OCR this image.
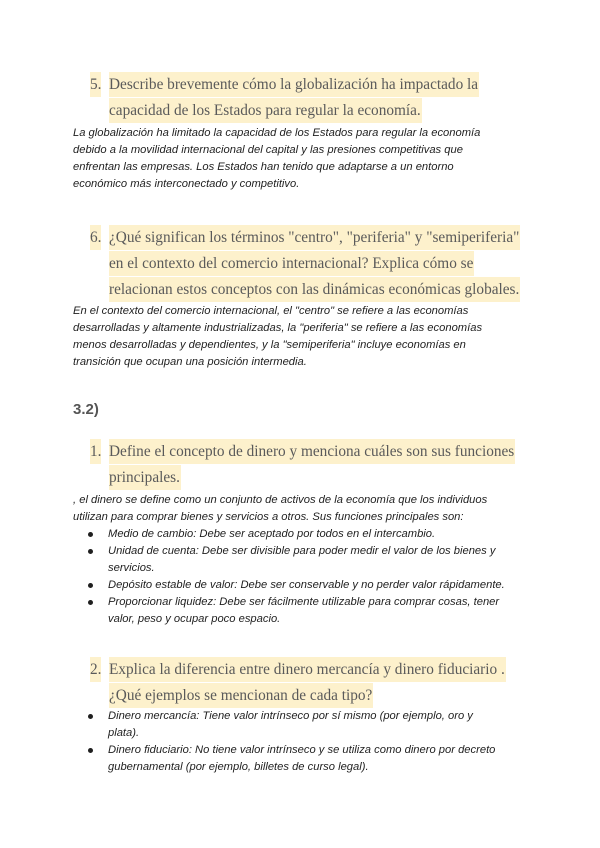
5. Describe brevemente cómo la globalización ha impactado la
capacidad de los Estados para regular la economía.
La globalización ha limitado la capacidad de los Estados para regular la economía
debido a la movilidad internacional del capital y las presiones competitivas que
enfrentan las empresas. Los Estados han tenido que adaptarse a un entorno
económico más interconectado y competitivo.
6. ¿Qué significan los términos "centro", "periferia" y "semiperiferia"
en el contexto del comercio internacional? Explica cómo se
relacionan estos conceptos con las dinámicas económicas globales.
En el contexto del comercio internacional, el "centro" se refiere a las economías
desarrolladas y altamente industrializadas, la "periferia" se refiere a las economías
menos desarrolladas y dependientes, y la "semiperiferia" incluye economías en
transición que ocupan una posición intermedia.
3.2)
1. Define el concepto de dinero y menciona cuáles son sus funciones
principales.
, el dinero se define como un conjunto de activos de la economía que los individuos
utilizan para comprar bienes y servicios a otros. Sus funciones principales son:
Medio de cambio: Debe ser aceptado por todos en el intercambio.
Unidad de cuenta: Debe ser divisible para poder medir el valor de los bienes y
servicios.
Depósito estable de valor: Debe ser conservable y no perder valor rápidamente.
Proporcionar liquidez: Debe ser fácilmente utilizable para comprar cosas, tener
valor, peso y ocupar poco espacio.
2. Explica la diferencia entre dinero mercancía y dinero fiduciario .
¿Qué ejemplos se mencionan de cada tipo?
Dinero mercancía: Tiene valor intrínseco por sí mismo (por ejemplo, oro y
plata).
Dinero fiduciario: No tiene valor intrínseco y se utiliza como dinero por decreto
gubernamental (por ejemplo, billetes de curso legal).
